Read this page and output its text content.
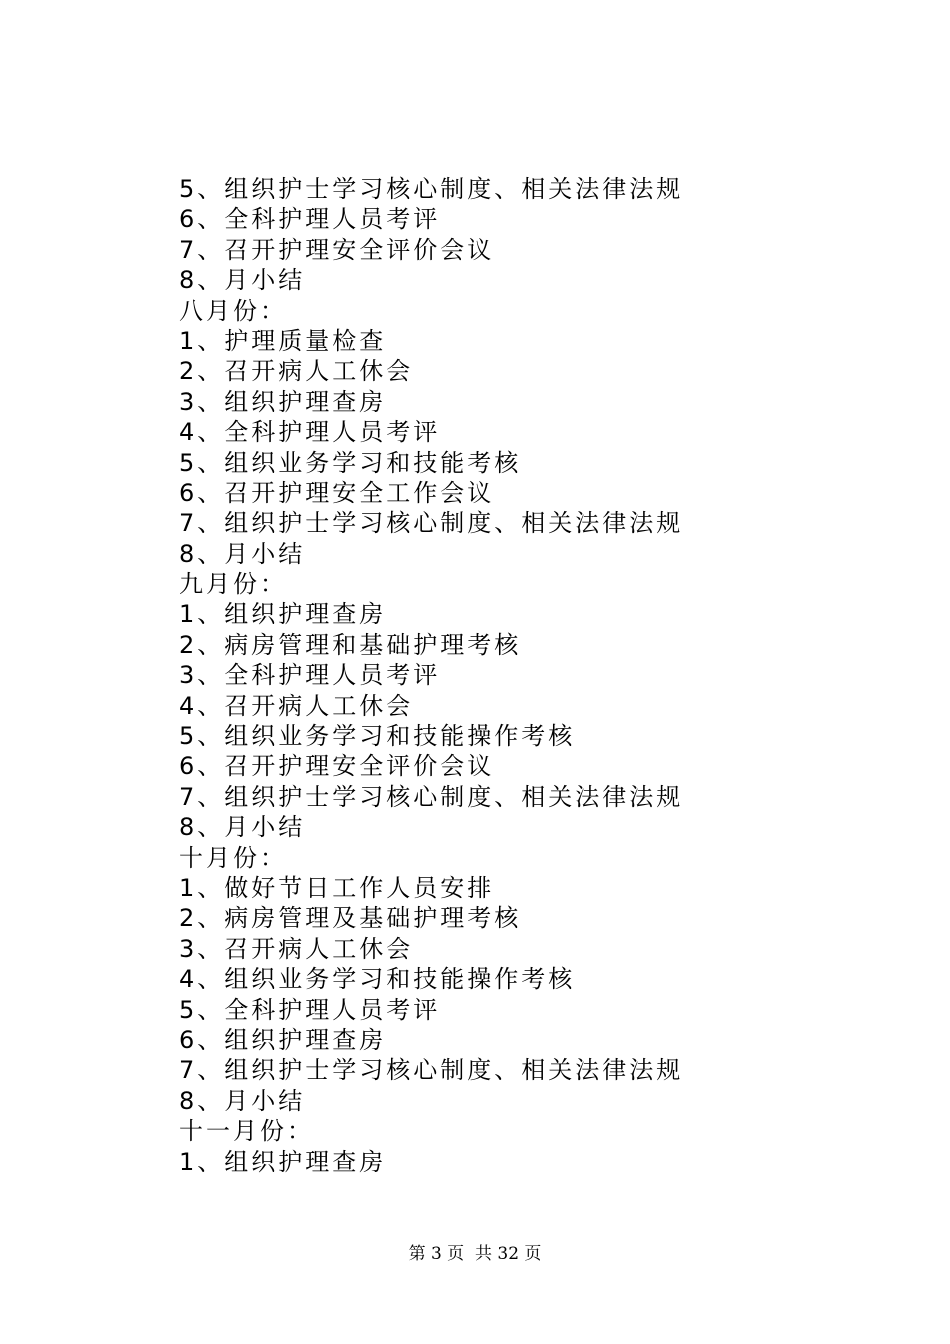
5、组织护士学习核心制度、相关法律法规
6、全科护理人员考评
7、召开护理安全评价会议
8、月小结
八月份：
1、护理质量检查
2、召开病人工休会
3、组织护理查房
4、全科护理人员考评
5、组织业务学习和技能考核
6、召开护理安全工作会议
7、组织护士学习核心制度、相关法律法规
8、月小结
九月份：
1、组织护理查房
2、病房管理和基础护理考核
3、全科护理人员考评
4、召开病人工休会
5、组织业务学习和技能操作考核
6、召开护理安全评价会议
7、组织护士学习核心制度、相关法律法规
8、月小结
十月份：
1、做好节日工作人员安排
2、病房管理及基础护理考核
3、召开病人工休会
4、组织业务学习和技能操作考核
5、全科护理人员考评
6、组织护理查房
7、组织护士学习核心制度、相关法律法规
8、月小结
十一月份：
1、组织护理查房
第 3 页  共 32 页
